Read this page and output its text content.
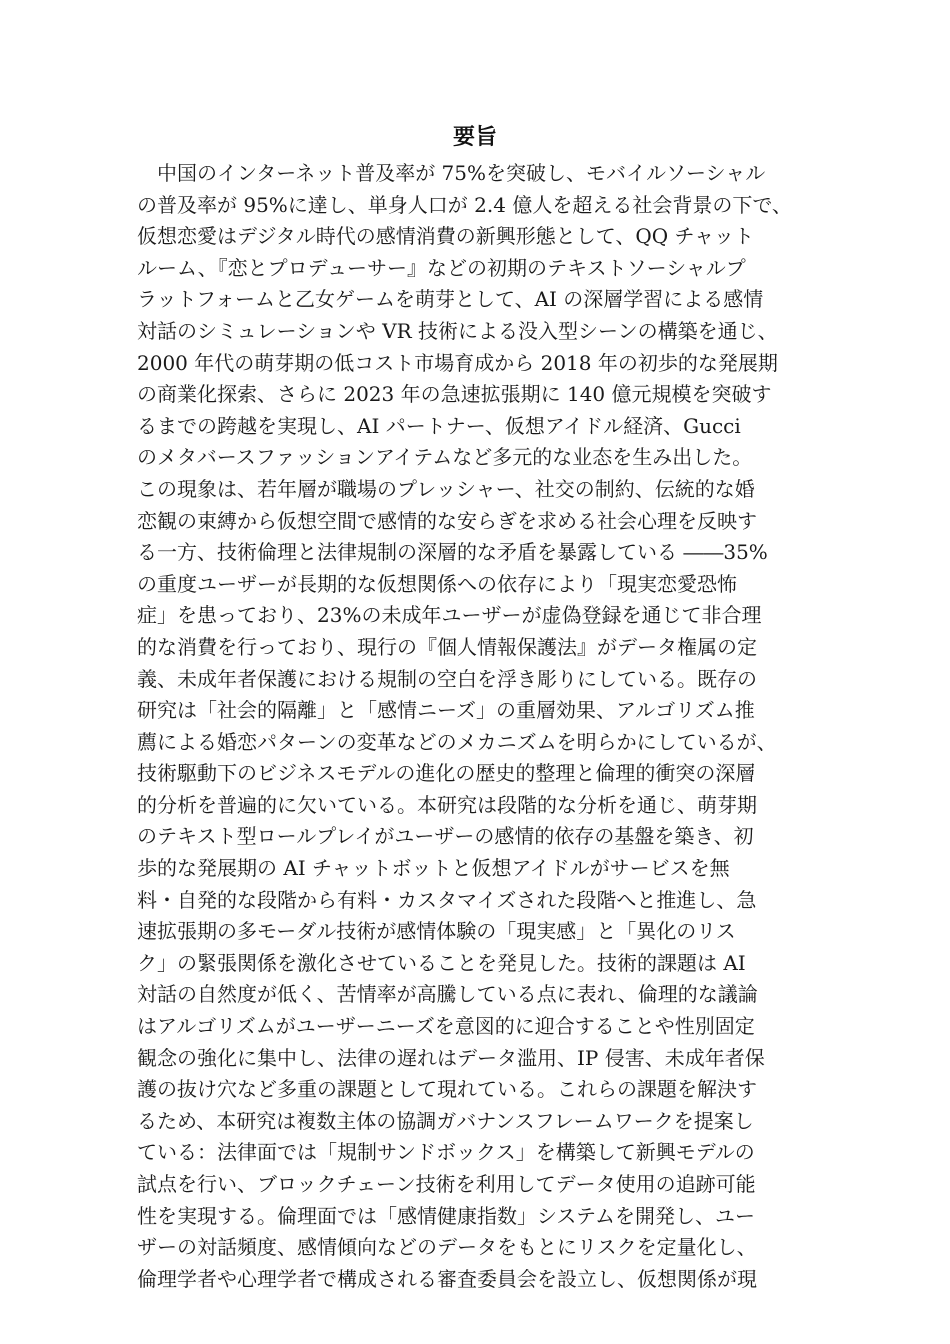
要旨
　中国のインターネット普及率が 75%を突破し、モバイルソーシャル
の普及率が 95%に達し、単身人口が 2.4 億人を超える社会背景の下で、
仮想恋愛はデジタル時代の感情消費の新興形態として、QQ チャット
ルーム、『恋とプロデューサー』などの初期のテキストソーシャルプ
ラットフォームと乙女ゲームを萌芽として、AI の深層学習による感情
対話のシミュレーションや VR 技術による没入型シーンの構築を通じ、
2000 年代の萌芽期の低コスト市場育成から 2018 年の初歩的な発展期
の商業化探索、さらに 2023 年の急速拡張期に 140 億元規模を突破す
るまでの跨越を実現し、AI パートナー、仮想アイドル経済、Gucci
のメタバースファッションアイテムなど多元的な业态を生み出した。
この現象は、若年層が職場のプレッシャー、社交の制約、伝統的な婚
恋観の束縛から仮想空間で感情的な安らぎを求める社会心理を反映す
る一方、技術倫理と法律規制の深層的な矛盾を暴露している ――35%
の重度ユーザーが長期的な仮想関係への依存により「現実恋愛恐怖
症」を患っており、23%の未成年ユーザーが虚偽登録を通じて非合理
的な消費を行っており、現行の『個人情報保護法』がデータ権属の定
義、未成年者保護における規制の空白を浮き彫りにしている。既存の
研究は「社会的隔離」と「感情ニーズ」の重層効果、アルゴリズム推
薦による婚恋パターンの変革などのメカニズムを明らかにしているが、
技術駆動下のビジネスモデルの進化の歴史的整理と倫理的衝突の深層
的分析を普遍的に欠いている。本研究は段階的な分析を通じ、萌芽期
のテキスト型ロールプレイがユーザーの感情的依存の基盤を築き、初
歩的な発展期の AI チャットボットと仮想アイドルがサービスを無
料・自発的な段階から有料・カスタマイズされた段階へと推進し、急
速拡張期の多モーダル技術が感情体験の「現実感」と「異化のリス
ク」の緊張関係を激化させていることを発見した。技術的課題は AI
対話の自然度が低く、苦情率が高騰している点に表れ、倫理的な議論
はアルゴリズムがユーザーニーズを意図的に迎合することや性別固定
観念の強化に集中し、法律の遅れはデータ滥用、IP 侵害、未成年者保
護の抜け穴など多重の課題として現れている。これらの課題を解決す
るため、本研究は複数主体の協調ガバナンスフレームワークを提案し
ている：法律面では「規制サンドボックス」を構築して新興モデルの
試点を行い、ブロックチェーン技術を利用してデータ使用の追跡可能
性を実現する。倫理面では「感情健康指数」システムを開発し、ユー
ザーの対話頻度、感情傾向などのデータをもとにリスクを定量化し、
倫理学者や心理学者で構成される審査委員会を設立し、仮想関係が現
